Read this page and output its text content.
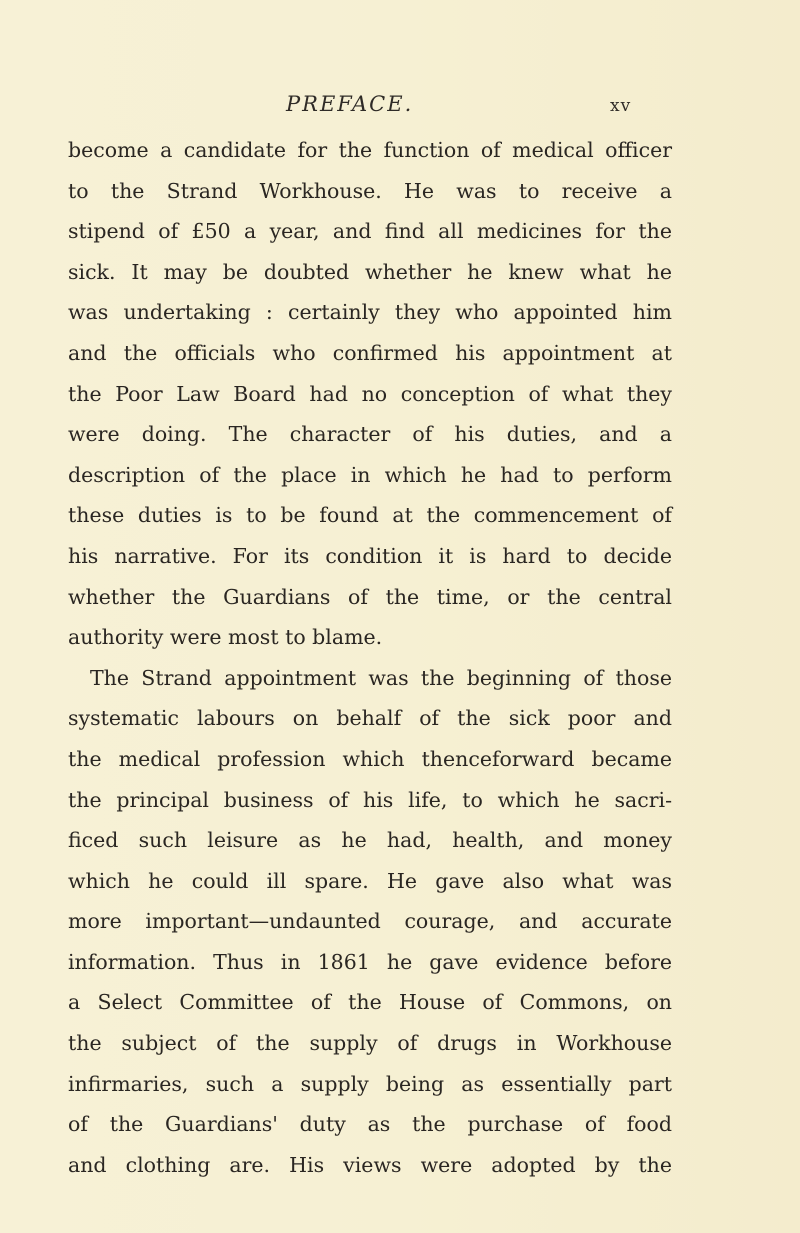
PREFACE.	xv
become a candidate for the function of medical officer
to the Strand Workhouse. He was to receive a
stipend of £50 a year, and find all medicines for the
sick. It may be doubted whether he knew what he
was undertaking : certainly they who appointed him
and the officials who confirmed his appointment at
the Poor Law Board had no conception of what they
were doing. The character of his duties, and a
description of the place in which he had to perform
these duties is to be found at the commencement of
his narrative. For its condition it is hard to decide
whether the Guardians of the time, or the central
authority were most to blame.
The Strand appointment was the beginning of those
systematic labours on behalf of the sick poor and
the medical profession which thenceforward became
the principal business of his life, to which he sacri-
ficed such leisure as he had, health, and money
which he could ill spare. He gave also what was
more important—undaunted courage, and accurate
information. Thus in 1861 he gave evidence before
a Select Committee of the House of Commons, on
the subject of the supply of drugs in Workhouse
infirmaries, such a supply being as essentially part
of the Guardians' duty as the purchase of food
and clothing are. His views were adopted by the
